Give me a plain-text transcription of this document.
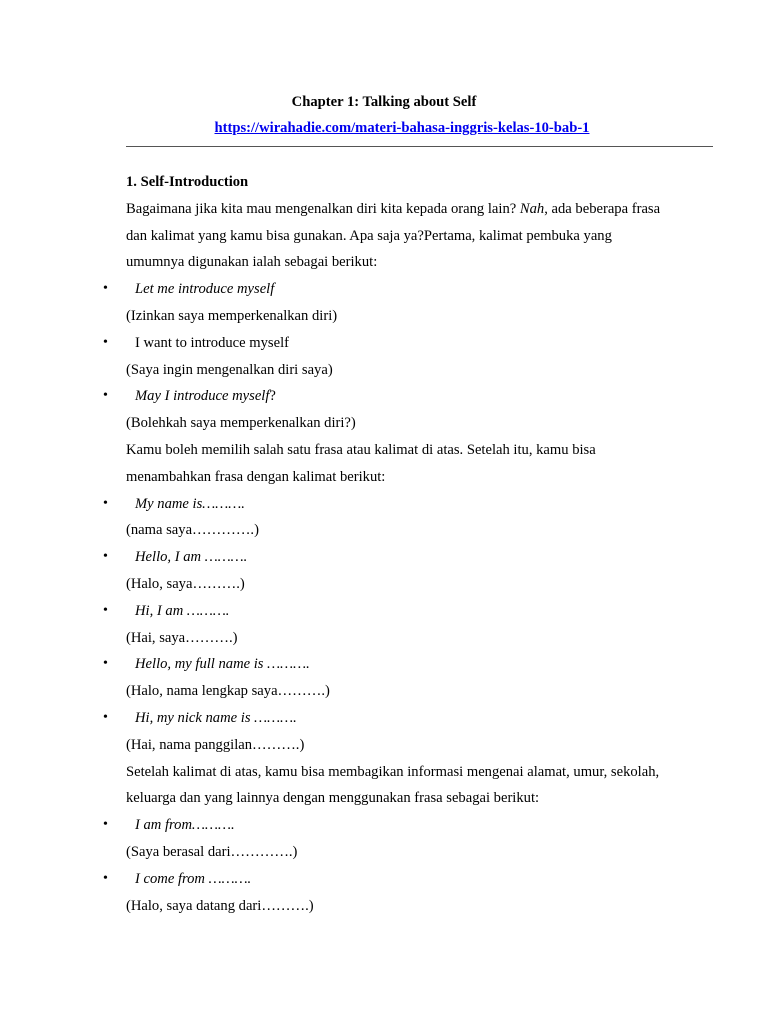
Chapter 1: Talking about Self
https://wirahadie.com/materi-bahasa-inggris-kelas-10-bab-1
1. Self-Introduction
Bagaimana jika kita mau mengenalkan diri kita kepada orang lain? Nah, ada beberapa frasa
dan kalimat yang kamu bisa gunakan. Apa saja ya?Pertama, kalimat pembuka yang
umumnya digunakan ialah sebagai berikut:
• Let me introduce myself
(Izinkan saya memperkenalkan diri)
• I want to introduce myself
(Saya ingin mengenalkan diri saya)
• May I introduce myself?
(Bolehkah saya memperkenalkan diri?)
Kamu boleh memilih salah satu frasa atau kalimat di atas. Setelah itu, kamu bisa
menambahkan frasa dengan kalimat berikut:
• My name is……….
(nama saya………….)
• Hello, I am ……….
(Halo, saya……….)
• Hi, I am ……….
(Hai, saya……….)
• Hello, my full name is ……….
(Halo, nama lengkap saya……….)
• Hi, my nick name is ……….
(Hai, nama panggilan……….)
Setelah kalimat di atas, kamu bisa membagikan informasi mengenai alamat, umur, sekolah,
keluarga dan yang lainnya dengan menggunakan frasa sebagai berikut:
• I am from……….
(Saya berasal dari………….)
• I come from ……….
(Halo, saya datang dari……….)
